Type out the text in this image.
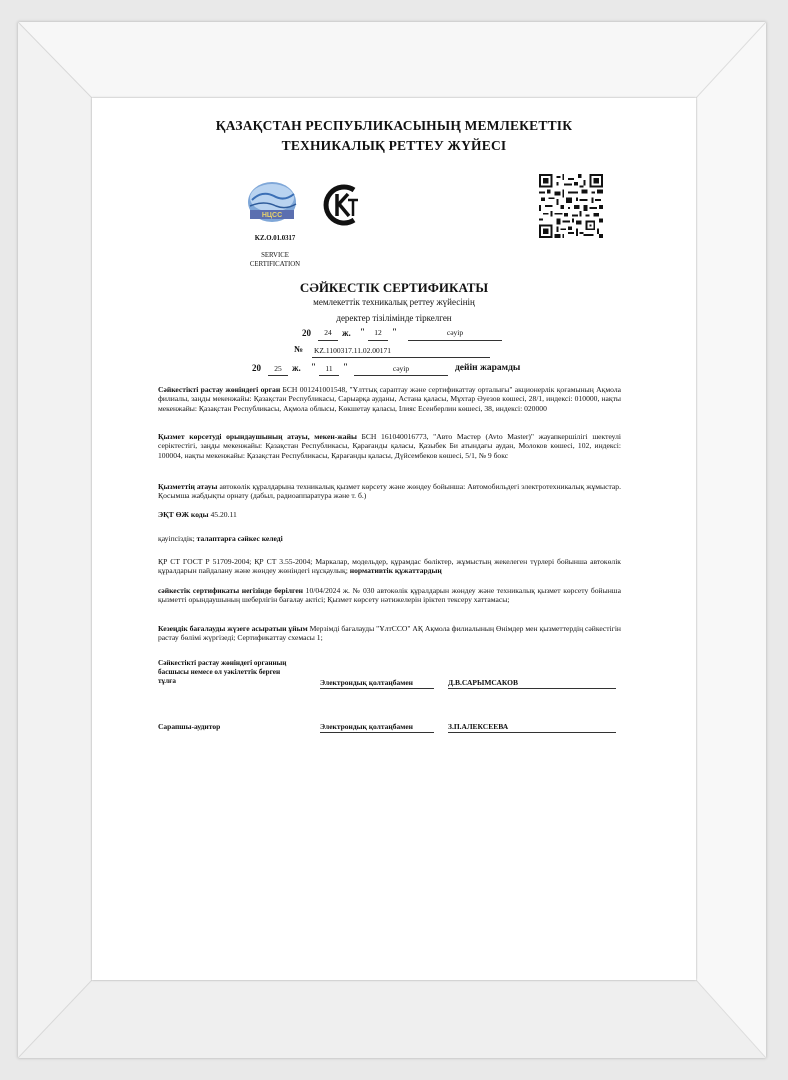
ҚАЗАҚСТАН РЕСПУБЛИКАСЫНЫҢ МЕМЛЕКЕТТІК
ТЕХНИКАЛЫҚ РЕТТЕУ ЖҮЙЕСІ
НЦСС
KZ.O.01.0317
SERVICE
CERTIFICATION
СӘЙКЕСТІК СЕРТИФИКАТЫ
мемлекеттік техникалық реттеу жүйесінің
деректер тізілімінде тіркелген
20	24	ж. "	12	"	сәуір
№ KZ.1100317.11.02.00171
20	25	ж. "	11	"	сәуір	дейін жарамды
Сәйкестікті растау жөніндегі орган БСН 001241001548, "Ұлттық сараптау және сертификаттау орталығы" акционерлік қоғамының Ақмола филиалы, заңды мекенжайы: Қазақстан Республикасы, Сарыарқа ауданы, Астана қаласы, Мұхтар Әуезов көшесі, 28/1, индексі: 010000, нақты мекенжайы: Қазақстан Республикасы, Ақмола облысы, Көкшетау қаласы, Ілияс Есенберлин көшесі, 38, индексі: 020000
Қызмет көрсетуді орындаушының атауы, мекен-жайы БСН 161040016773, "Авто Мастер (Avto Master)" жауапкершілігі шектеулі серіктестігі, заңды мекенжайы: Қазақстан Республикасы, Қарағанды қаласы, Қазыбек Би атындағы аудан, Молоков көшесі, 102, индексі: 100004, нақты мекенжайы: Қазақстан Республикасы, Қарағанды қаласы, Дүйсембеков көшесі, 5/1, № 9 бокс
Қызметтің атауы автокөлік құралдарына техникалық қызмет көрсету және жөндеу бойынша: Автомобильдегі электротехникалық жұмыстар. Қосымша жабдықты орнату (дабыл, радиоаппаратура және т. б.)
ЭҚТ ӨЖ коды 45.20.11
қауіпсіздік; талаптарға сәйкес келеді
ҚР СТ ГОСТ Р 51709-2004; ҚР СТ 3.55-2004; Маркалар, модельдер, құрамдас бөліктер, жұмыстың жекелеген түрлері бойынша автокөлік құралдарын пайдалану және жөндеу жөніндегі нұсқаулық; нормативтік құжаттардың
сәйкестік сертификаты негізінде берілген 10/04/2024 ж. № 030 автокөлік құралдарын жөндеу және техникалық қызмет көрсету бойынша қызметті орындаушының шеберлігін бағалау актісі; Қызмет көрсету нәтижелерін іріктеп тексеру хаттамасы;
Кезеңдік бағалауды жүзеге асыратын ұйым Мерзімді бағалауды "ҰлтССО" АҚ Ақмола филиалының Өнімдер мен қызметтердің сәйкестігін растау бөлімі жүргізеді; Сертификаттау схемасы 1;
Сәйкестікті растау жөніндегі органның
басшысы немесе ол уәкілеттік берген
тұлға	Электрондық қолтаңбамен	Д.В.САРЫМСАКОВ
Сарапшы-аудитор	Электрондық қолтаңбамен	З.П.АЛЕКСЕЕВА
